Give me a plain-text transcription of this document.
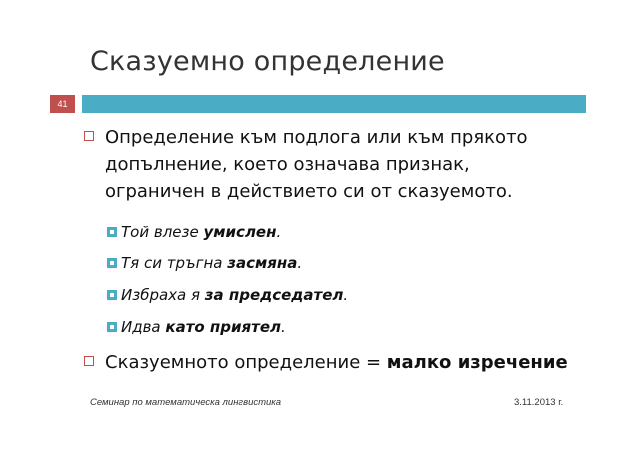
Сказуемно определение
41
Определение към подлога или към прякото
допълнение, което означава признак,
ограничен в действието си от сказуемото.
Той влезе умислен.
Тя си тръгна засмяна.
Избраха я за председател.
Идва като приятел.
Сказуемното определение = малко изречение
Семинар по математическа лингвистика	3.11.2013 г.
